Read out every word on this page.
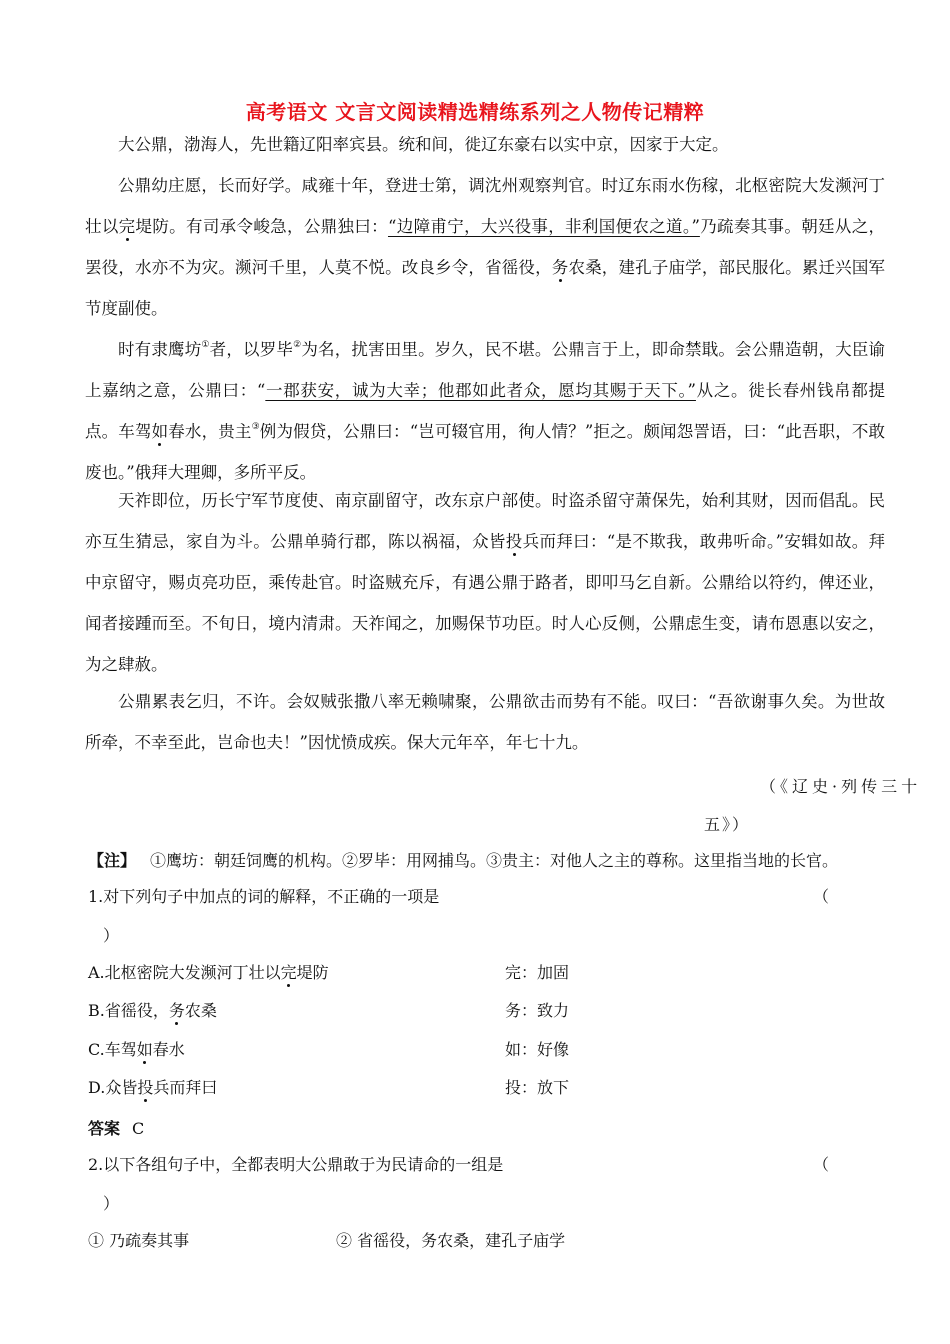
高考语文 文言文阅读精选精练系列之人物传记精粹
大公鼎，渤海人，先世籍辽阳率宾县。统和间，徙辽东豪右以实中京，因家于大定。
公鼎幼庄愿，长而好学。咸雍十年，登进士第，调沈州观察判官。时辽东雨水伤稼，北枢密院大发濒河丁壮以完堤防。有司承令峻急，公鼎独曰：“边障甫宁，大兴役事，非利国便农之道。”乃疏奏其事。朝廷从之，罢役，水亦不为灾。濒河千里，人莫不悦。改良乡令，省徭役，务农桑，建孔子庙学，部民服化。累迁兴国军节度副使。
时有隶鹰坊①者，以罗毕②为名，扰害田里。岁久，民不堪。公鼎言于上，即命禁戢。会公鼎造朝，大臣谕上嘉纳之意，公鼎曰：“一郡获安，诚为大幸；他郡如此者众，愿均其赐于天下。”从之。徙长春州钱帛都提点。车驾如春水，贵主③例为假贷，公鼎曰：“岂可辍官用，徇人情？”拒之。颇闻怨詈语，曰：“此吾职，不敢废也。”俄拜大理卿，多所平反。
天祚即位，历长宁军节度使、南京副留守，改东京户部使。时盗杀留守萧保先，始利其财，因而倡乱。民亦互生猜忌，家自为斗。公鼎单骑行郡，陈以祸福，众皆投兵而拜曰：“是不欺我，敢弗听命。”安辑如故。拜中京留守，赐贞亮功臣，乘传赴官。时盗贼充斥，有遇公鼎于路者，即叩马乞自新。公鼎给以符约，俾还业，闻者接踵而至。不旬日，境内清肃。天祚闻之，加赐保节功臣。时人心反侧，公鼎虑生变，请布恩惠以安之，为之肆赦。
公鼎累表乞归，不许。会奴贼张撒八率无赖啸聚，公鼎欲击而势有不能。叹曰：“吾欲谢事久矣。为世故所牵，不幸至此，岂命也夫！”因忧愤成疾。保大元年卒，年七十九。
（《辽史·列传三十
五》）
【注】 ①鹰坊：朝廷饲鹰的机构。②罗毕：用网捕鸟。③贵主：对他人之主的尊称。这里指当地的长官。
1.对下列句子中加点的词的解释，不正确的一项是	（
）
A.北枢密院大发濒河丁壮以完堤防	完：加固
B.省徭役，务农桑	务：致力
C.车驾如春水	如：好像
D.众皆投兵而拜曰	投：放下
答案 C
2.以下各组句子中，全都表明大公鼎敢于为民请命的一组是	（
）
① 乃疏奏其事	② 省徭役，务农桑，建孔子庙学
